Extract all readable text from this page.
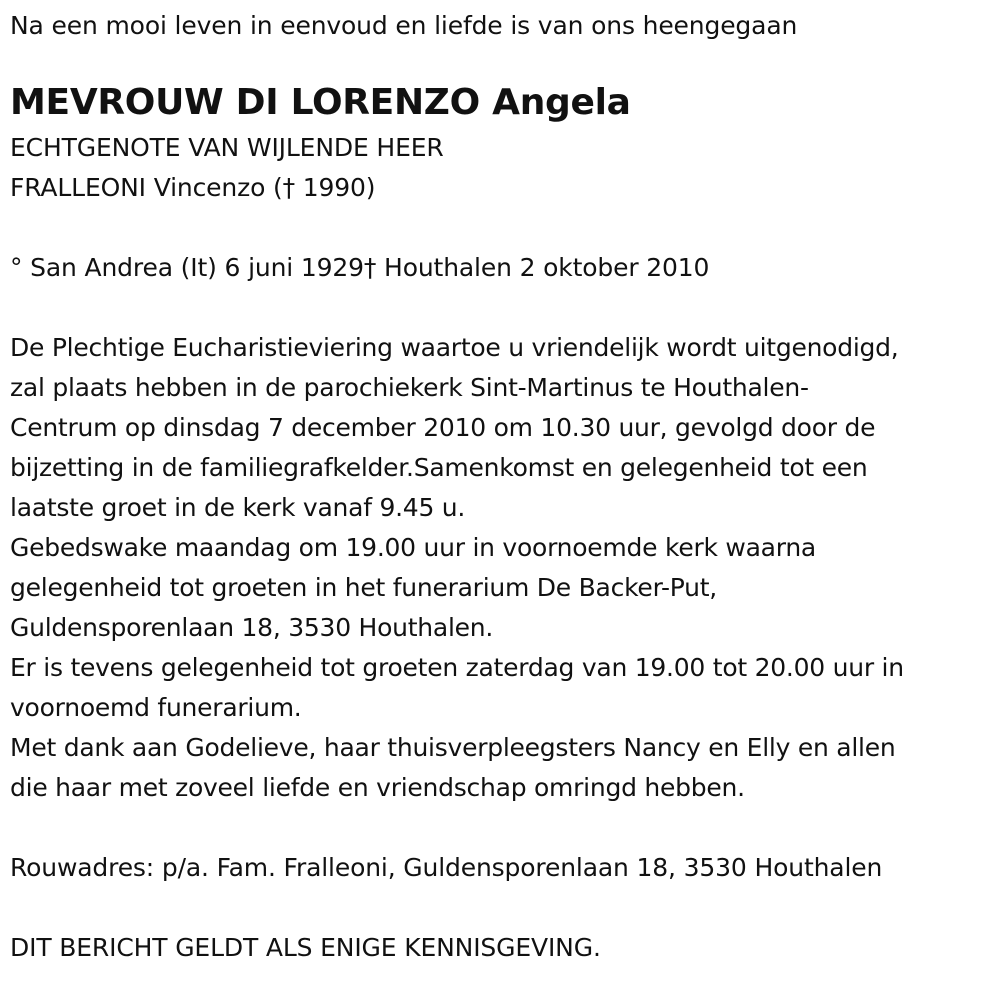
Na een mooi leven in eenvoud en liefde is van ons heengegaan
MEVROUW DI LORENZO Angela
ECHTGENOTE VAN WIJLENDE HEER
FRALLEONI Vincenzo († 1990)
° San Andrea (It) 6 juni 1929† Houthalen 2 oktober 2010
De Plechtige Eucharistieviering waartoe u vriendelijk wordt uitgenodigd,
zal plaats hebben in de parochiekerk Sint-Martinus te Houthalen-
Centrum op dinsdag 7 december 2010 om 10.30 uur, gevolgd door de
bijzetting in de familiegrafkelder.Samenkomst en gelegenheid tot een
laatste groet in de kerk vanaf 9.45 u.
Gebedswake maandag om 19.00 uur in voornoemde kerk waarna
gelegenheid tot groeten in het funerarium De Backer-Put,
Guldensporenlaan 18, 3530 Houthalen.
Er is tevens gelegenheid tot groeten zaterdag van 19.00 tot 20.00 uur in
voornoemd funerarium.
Met dank aan Godelieve, haar thuisverpleegsters Nancy en Elly en allen
die haar met zoveel liefde en vriendschap omringd hebben.
Rouwadres: p/a. Fam. Fralleoni, Guldensporenlaan 18, 3530 Houthalen
DIT BERICHT GELDT ALS ENIGE KENNISGEVING.
